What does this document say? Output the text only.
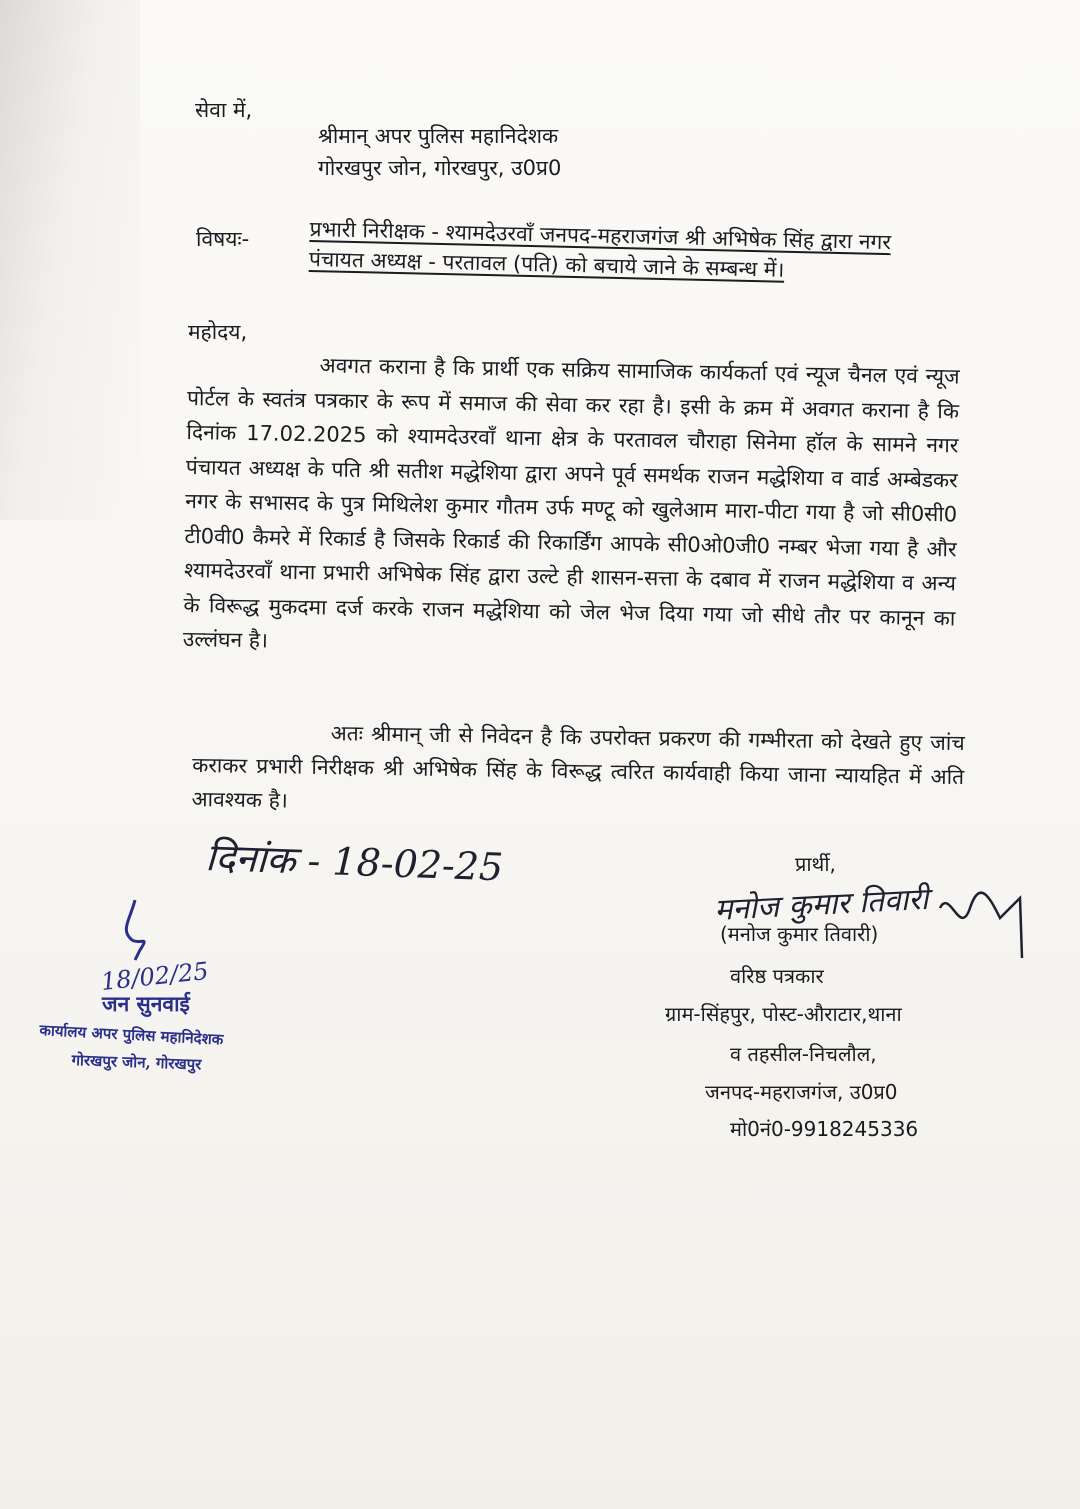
सेवा में,
श्रीमान् अपर पुलिस महानिदेशक
गोरखपुर जोन, गोरखपुर, उ0प्र0
विषयः-	प्रभारी निरीक्षक - श्यामदेउरवाँ जनपद-महराजगंज श्री अभिषेक सिंह द्वारा नगर पंचायत अध्यक्ष - परतावल (पति) को बचाये जाने के सम्बन्ध में।
महोदय,
अवगत कराना है कि प्रार्थी एक सक्रिय सामाजिक कार्यकर्ता एवं न्यूज चैनल एवं न्यूज पोर्टल के स्वतंत्र पत्रकार के रूप में समाज की सेवा कर रहा है। इसी के क्रम में अवगत कराना है कि दिनांक 17.02.2025 को श्यामदेउरवाँ थाना क्षेत्र के परतावल चौराहा सिनेमा हॉल के सामने नगर पंचायत अध्यक्ष के पति श्री सतीश मद्धेशिया द्वारा अपने पूर्व समर्थक राजन मद्धेशिया व वार्ड अम्बेडकर नगर के सभासद के पुत्र मिथिलेश कुमार गौतम उर्फ मण्टू को खुलेआम मारा-पीटा गया है जो सी0सी0 टी0वी0 कैमरे में रिकार्ड है जिसके रिकार्ड की रिकार्डिंग आपके सी0ओ0जी0 नम्बर भेजा गया है और श्यामदेउरवाँ थाना प्रभारी अभिषेक सिंह द्वारा उल्टे ही शासन-सत्ता के दबाव में राजन मद्धेशिया व अन्य के विरूद्ध मुकदमा दर्ज करके राजन मद्धेशिया को जेल भेज दिया गया जो सीधे तौर पर कानून का उल्लंघन है।
अतः श्रीमान् जी से निवेदन है कि उपरोक्त प्रकरण की गम्भीरता को देखते हुए जांच कराकर प्रभारी निरीक्षक श्री अभिषेक सिंह के विरूद्ध त्वरित कार्यवाही किया जाना न्यायहित में अति आवश्यक है।
दिनांक - 18-02-25	प्रार्थी,
मनोज कुमार तिवारी
(मनोज कुमार तिवारी)
वरिष्ठ पत्रकार
ग्राम-सिंहपुर, पोस्ट-औराटार,थाना
व तहसील-निचलौल,
जनपद-महराजगंज, उ0प्र0
मो0नं0-9918245336
18/02/25
जन सुनवाई
कार्यालय अपर पुलिस महानिदेशक
गोरखपुर जोन, गोरखपुर
